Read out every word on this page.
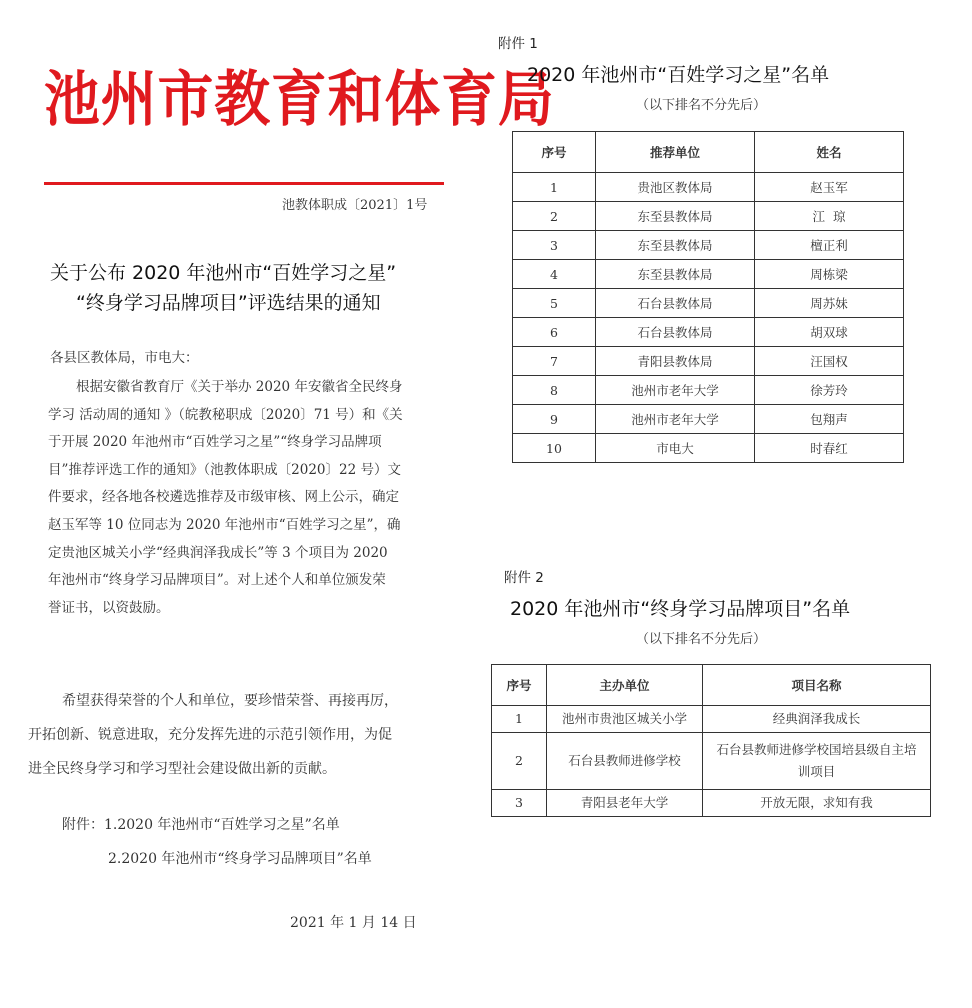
池州市教育和体育局
池教体职成〔2021〕1号
关于公布 2020 年池州市“百姓学习之星”
“终身学习品牌项目”评选结果的通知
各县区教体局，市电大：
根据安徽省教育厅《关于举办 2020 年安徽省全民终身
学习 活动周的通知 》（皖教秘职成〔2020〕71 号）和《关
于开展 2020 年池州市“百姓学习之星”“终身学习品牌项
目”推荐评选工作的通知》（池教体职成〔2020〕22 号）文
件要求，经各地各校遴选推荐及市级审核、网上公示，确定
赵玉军等 10 位同志为 2020 年池州市“百姓学习之星”，确
定贵池区城关小学“经典润泽我成长”等 3 个项目为 2020
年池州市“终身学习品牌项目”。对上述个人和单位颁发荣
誉证书，以资鼓励。
希望获得荣誉的个人和单位，要珍惜荣誉、再接再厉，
开拓创新、锐意进取，充分发挥先进的示范引领作用，为促
进全民终身学习和学习型社会建设做出新的贡献。
附件：1.2020 年池州市“百姓学习之星”名单
2.2020 年池州市“终身学习品牌项目”名单
2021 年 1 月 14 日
附件 1
2020 年池州市“百姓学习之星”名单
（以下排名不分先后）
序号	推荐单位	姓名
1	贵池区教体局	赵玉军
2	东至县教体局	江  琼
3	东至县教体局	檀正利
4	东至县教体局	周栋梁
5	石台县教体局	周苏妹
6	石台县教体局	胡双球
7	青阳县教体局	汪国权
8	池州市老年大学	徐芳玲
9	池州市老年大学	包翔声
10	市电大	时春红
附件 2
2020 年池州市“终身学习品牌项目”名单
（以下排名不分先后）
序号	主办单位	项目名称
1	池州市贵池区城关小学	经典润泽我成长
2	石台县教师进修学校	石台县教师进修学校国培县级自主培训项目
3	青阳县老年大学	开放无限，求知有我
